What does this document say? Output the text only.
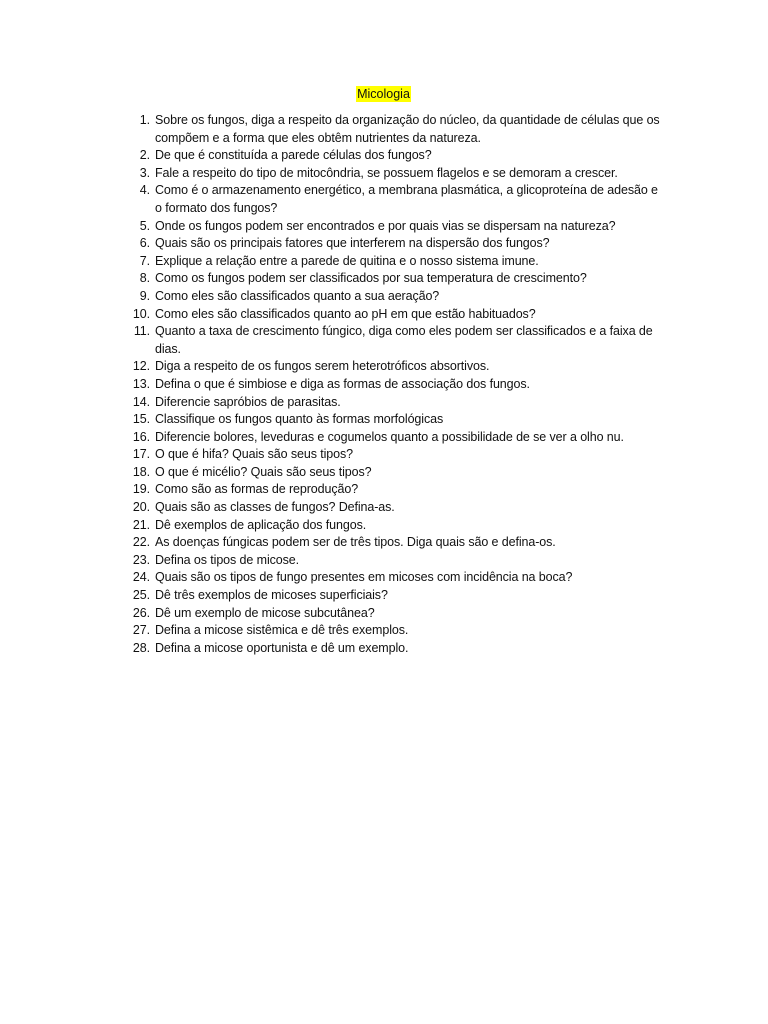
Micologia
1. Sobre os fungos, diga a respeito da organização do núcleo, da quantidade de células que os compõem e a forma que eles obtêm nutrientes da natureza.
2. De que é constituída a parede células dos fungos?
3. Fale a respeito do tipo de mitocôndria, se possuem flagelos e se demoram a crescer.
4. Como é o armazenamento energético, a membrana plasmática, a glicoproteína de adesão e o formato dos fungos?
5. Onde os fungos podem ser encontrados e por quais vias se dispersam na natureza?
6. Quais são os principais fatores que interferem na dispersão dos fungos?
7. Explique a relação entre a parede de quitina e o nosso sistema imune.
8. Como os fungos podem ser classificados por sua temperatura de crescimento?
9. Como eles são classificados quanto a sua aeração?
10. Como eles são classificados quanto ao pH em que estão habituados?
11. Quanto a taxa de crescimento fúngico, diga como eles podem ser classificados e a faixa de dias.
12. Diga a respeito de os fungos serem heterotróficos absortivos.
13. Defina o que é simbiose e diga as formas de associação dos fungos.
14. Diferencie sapróbios de parasitas.
15. Classifique os fungos quanto às formas morfológicas
16. Diferencie bolores, leveduras e cogumelos quanto a possibilidade de se ver a olho nu.
17. O que é hifa? Quais são seus tipos?
18. O que é micélio? Quais são seus tipos?
19. Como são as formas de reprodução?
20. Quais são as classes de fungos? Defina-as.
21. Dê exemplos de aplicação dos fungos.
22. As doenças fúngicas podem ser de três tipos. Diga quais são e defina-os.
23. Defina os tipos de micose.
24. Quais são os tipos de fungo presentes em micoses com incidência na boca?
25. Dê três exemplos de micoses superficiais?
26. Dê um exemplo de micose subcutânea?
27. Defina a micose sistêmica e dê três exemplos.
28. Defina a micose oportunista e dê um exemplo.
